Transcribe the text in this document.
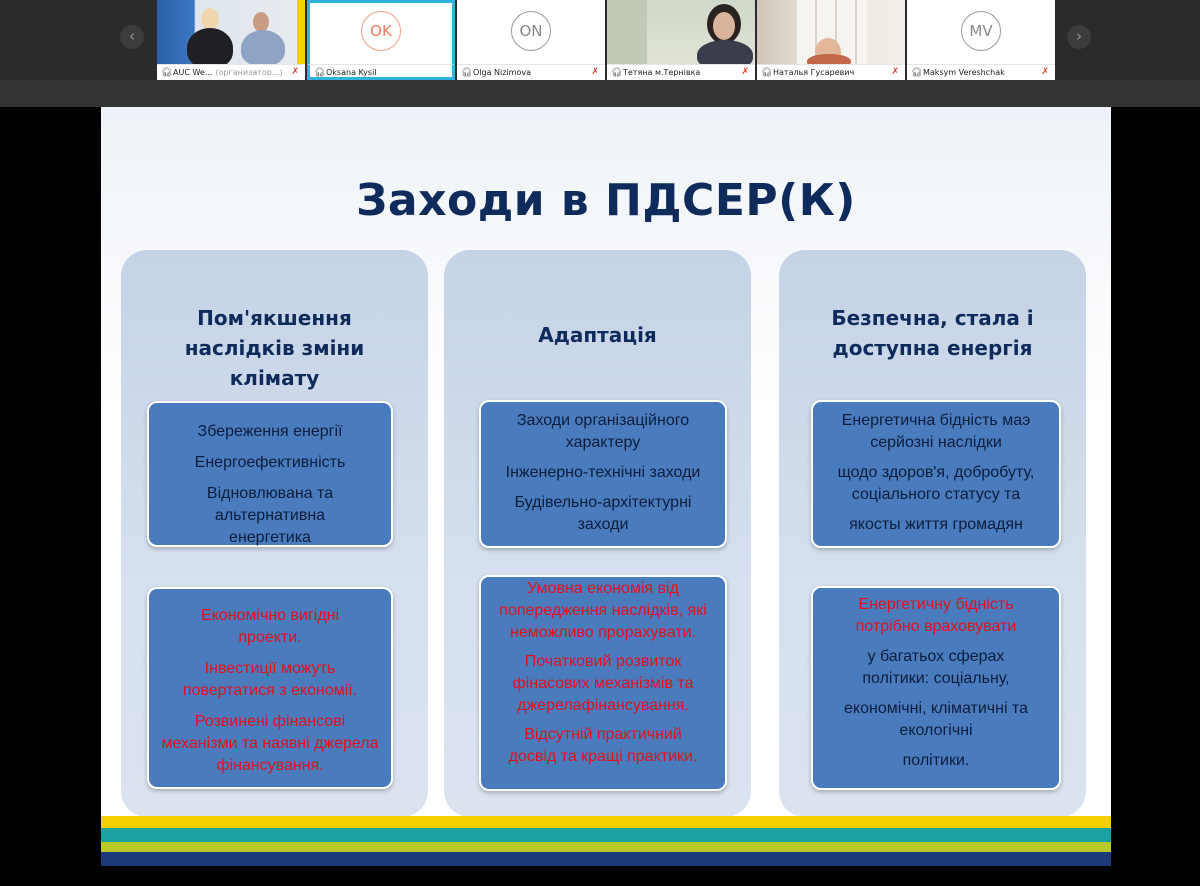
‹	›
🎧︎AUC We... (организатор...) ✗
OK
🎧︎Oksana Kysil
ON
🎧︎Olga Nizimova	✗	🎧︎Тетяна м.Тернівка	✗	🎧︎Наталья Гусаревич	✗
MV
🎧︎Maksym Vereshchak	✗
Заходи в ПДСЕР(К)
Пом'якшення наслідків зміни клімату

Збереження енергії

Енергоефективність

Відновлювана та альтернативна енергетика

Економічно вигідні проекти.

Інвестиції можуть повертатися з економії.

Розвинені фінансові механізми та наявні джерела фінансування.

Адаптація

Заходи організаційного характеру

Інженерно-технічні заходи

Будівельно-архітектурні заходи

Умовна економія від попередження наслідків, які неможливо прорахувати.

Початковий розвиток фінасових механізмів та джерелафінансування.

Відсутній практичний досвід та кращі практики.

Безпечна, стала і доступна енергія

Енергетична бідність маэ серйозні наслідки

щодо здоров'я, добробуту, соціального статусу та

якосты життя громадян

Енергетичну бідність потрібно враховувати

у багатьох сферах політики: соціальну,

економічні, кліматичні та екологічні

політики.
